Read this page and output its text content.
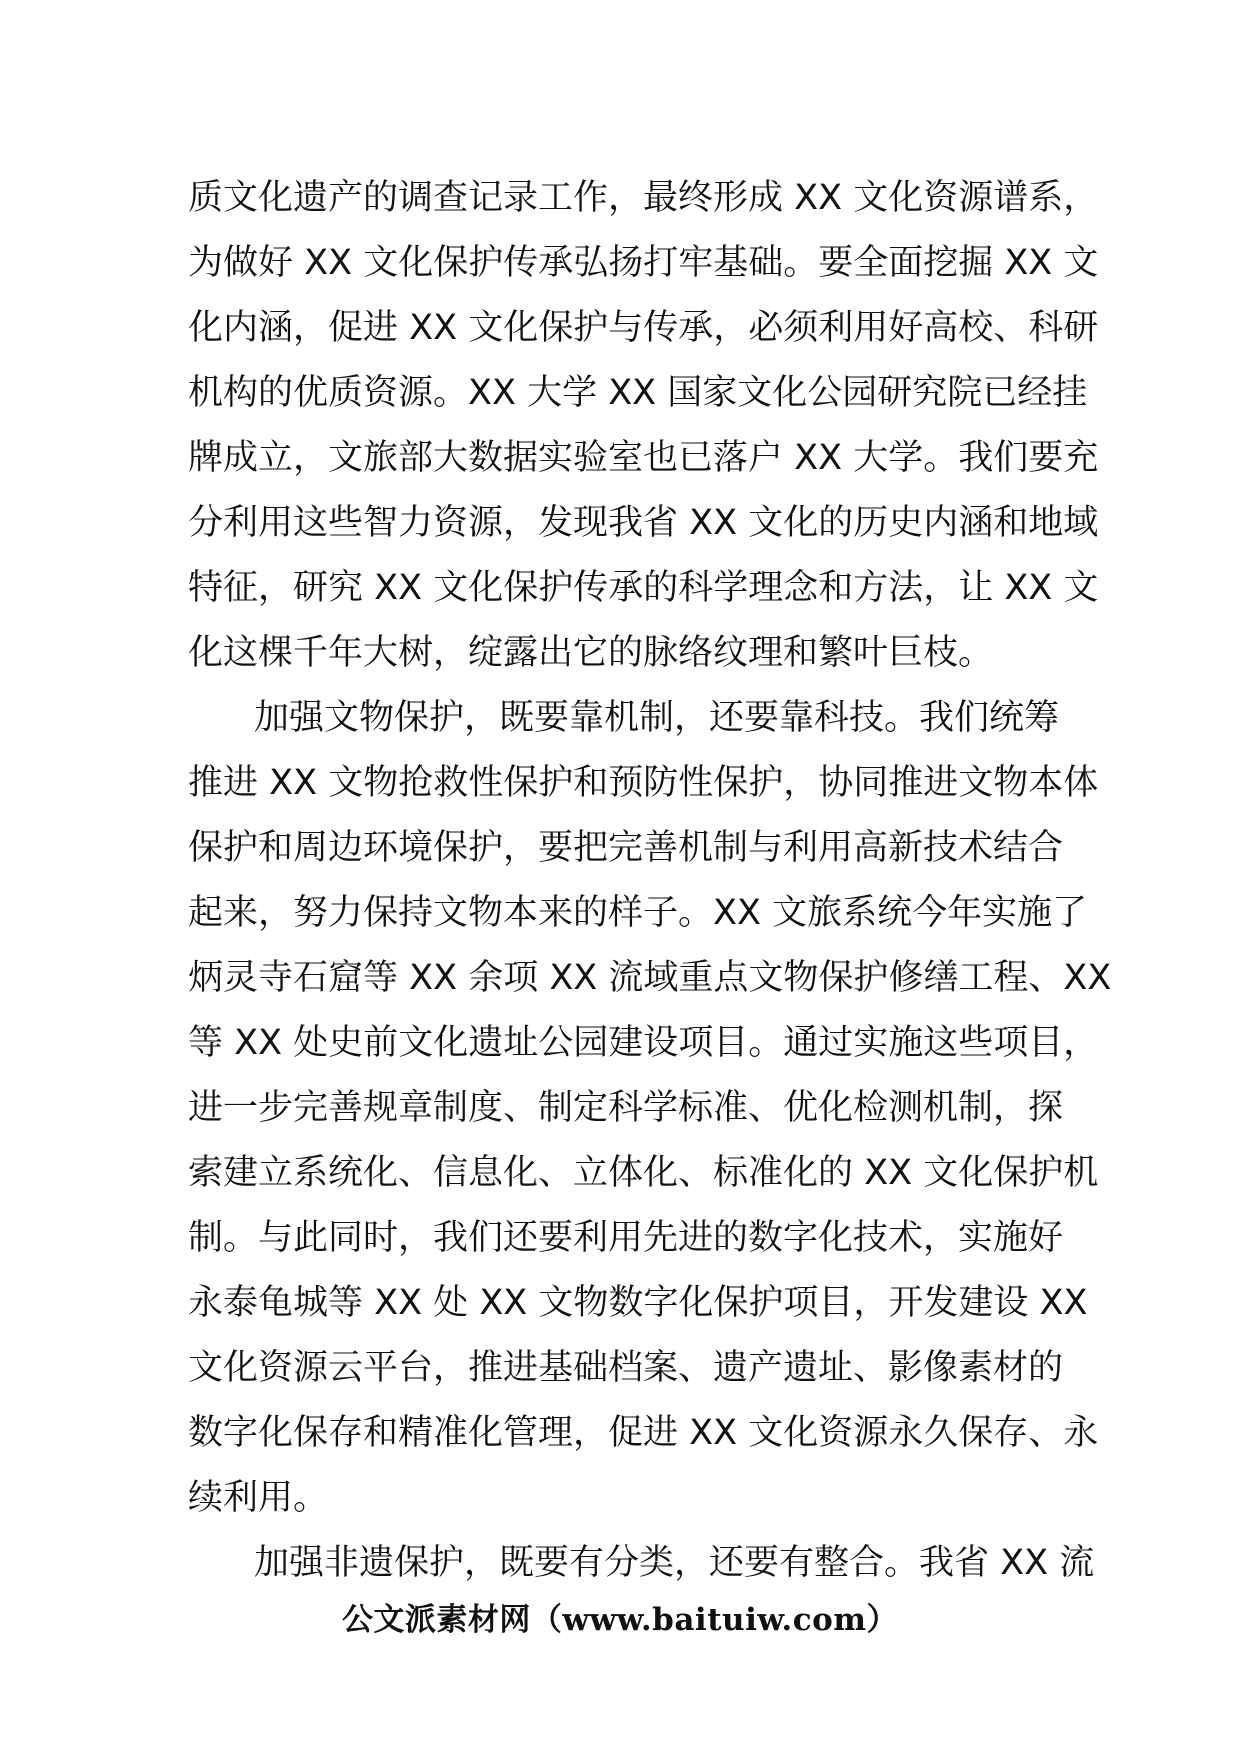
质文化遗产的调查记录工作，最终形成 XX 文化资源谱系，
为做好 XX 文化保护传承弘扬打牢基础。要全面挖掘 XX 文
化内涵，促进 XX 文化保护与传承，必须利用好高校、科研
机构的优质资源。XX 大学 XX 国家文化公园研究院已经挂
牌成立，文旅部大数据实验室也已落户 XX 大学。我们要充
分利用这些智力资源，发现我省 XX 文化的历史内涵和地域
特征，研究 XX 文化保护传承的科学理念和方法，让 XX 文
化这棵千年大树，绽露出它的脉络纹理和繁叶巨枝。
加强文物保护，既要靠机制，还要靠科技。我们统筹
推进 XX 文物抢救性保护和预防性保护，协同推进文物本体
保护和周边环境保护，要把完善机制与利用高新技术结合
起来，努力保持文物本来的样子。XX 文旅系统今年实施了
炳灵寺石窟等 XX 余项 XX 流域重点文物保护修缮工程、XX
等 XX 处史前文化遗址公园建设项目。通过实施这些项目，
进一步完善规章制度、制定科学标准、优化检测机制，探
索建立系统化、信息化、立体化、标准化的 XX 文化保护机
制。与此同时，我们还要利用先进的数字化技术，实施好
永泰龟城等 XX 处 XX 文物数字化保护项目，开发建设 XX
文化资源云平台，推进基础档案、遗产遗址、影像素材的
数字化保存和精准化管理，促进 XX 文化资源永久保存、永
续利用。
加强非遗保护，既要有分类，还要有整合。我省 XX 流
公文派素材网（www.baituiw.com）
